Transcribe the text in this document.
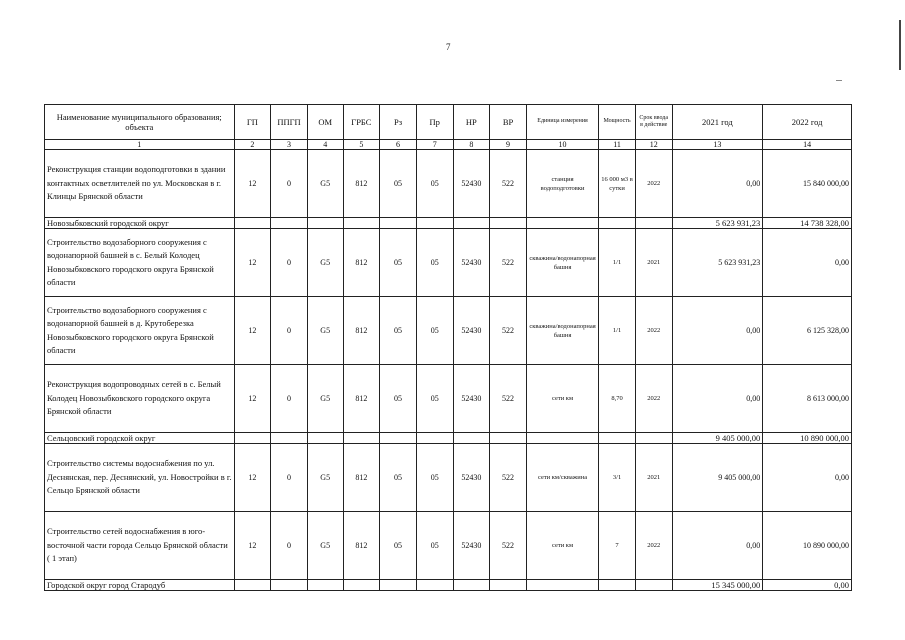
7
Наименование муниципального образования; объекта	ГП	ППГП	ОМ	ГРБС	Рз	Пр	НР	ВР	Единица измерения	Мощность	Срок ввода в действие	2021 год	2022 год
1	2	3	4	5	6	7	8	9	10	11	12	13	14
Реконструкция станции водоподготовки в здании контактных осветлителей по ул. Московская в г. Клинцы Брянской области	12	0	G5	812	05	05	52430	522	станция водоподготовки	16 000 м3 в сутки	2022	0,00	15 840 000,00
Новозыбковский городской округ												5 623 931,23	14 738 328,00
Строительство водозаборного сооружения с водонапорной башней в с. Белый Колодец Новозыбковского городского округа Брянской области	12	0	G5	812	05	05	52430	522	скважина/водонапорная башня	1/1	2021	5 623 931,23	0,00
Строительство водозаборного сооружения с водонапорной башней в д. Крутоберезка Новозыбковского городского округа Брянской области	12	0	G5	812	05	05	52430	522	скважина/водонапорная башня	1/1	2022	0,00	6 125 328,00
Реконструкция водопроводных сетей в с. Белый Колодец Новозыбковского городского округа Брянской области	12	0	G5	812	05	05	52430	522	сети км	8,70	2022	0,00	8 613 000,00
Сельцовский городской округ												9 405 000,00	10 890 000,00
Строительство системы водоснабжения по ул. Деснянская, пер. Деснянский, ул. Новостройки в г. Сельцо Брянской области	12	0	G5	812	05	05	52430	522	сети км/скважина	3/1	2021	9 405 000,00	0,00
Строительство сетей водоснабжения в юго-восточной части города Сельцо Брянской области ( 1 этап)	12	0	G5	812	05	05	52430	522	сети км	7	2022	0,00	10 890 000,00
Городской округ город Стародуб												15 345 000,00	0,00
